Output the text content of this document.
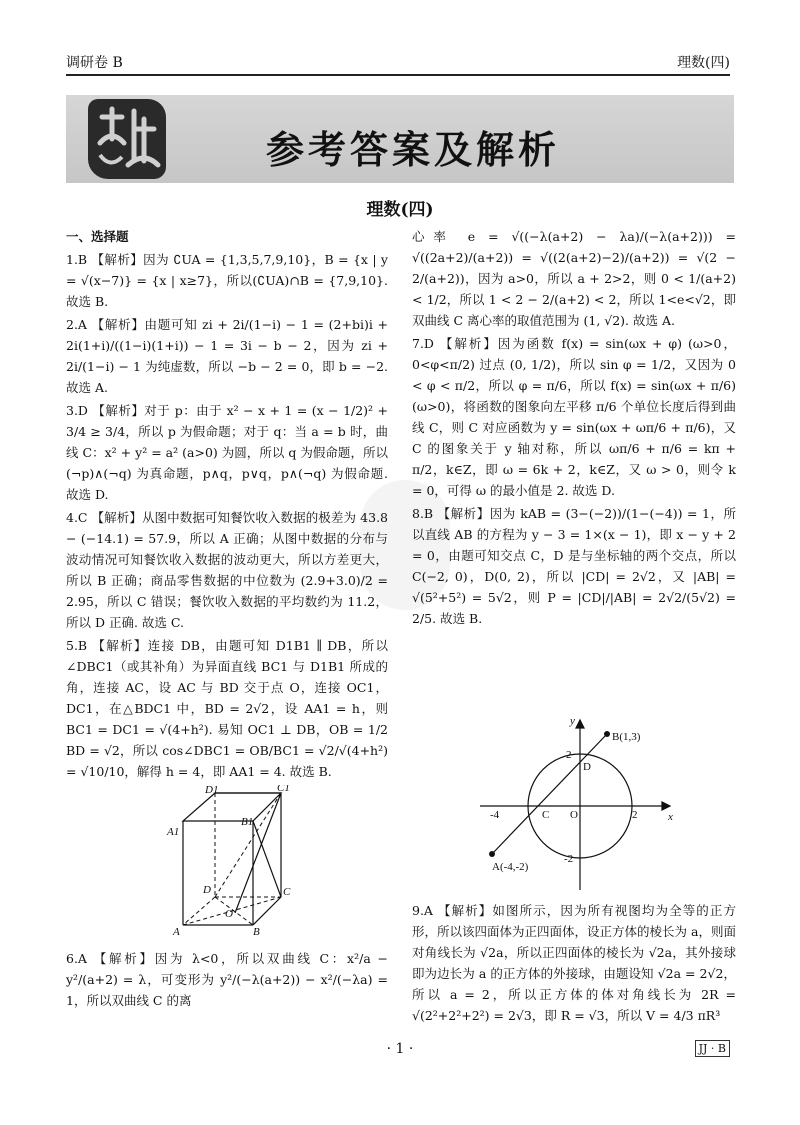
调研卷 B	理数(四)
参考答案及解析
理数(四)

一、选择题

1.B 【解析】因为 ∁UA = {1,3,5,7,9,10}，B = {x | y = √(x−7)} = {x | x≥7}，所以(∁UA)∩B = {7,9,10}. 故选 B.

2.A 【解析】由题可知 zi + 2i/(1−i) − 1 = (2+bi)i + 2i(1+i)/((1−i)(1+i)) − 1 = 3i − b − 2，因为 zi + 2i/(1−i) − 1 为纯虚数，所以 −b − 2 = 0，即 b = −2. 故选 A.

3.D 【解析】对于 p：由于 x² − x + 1 = (x − 1/2)² + 3/4 ≥ 3/4，所以 p 为假命题；对于 q：当 a = b 时，曲线 C：x² + y² = a² (a>0) 为圆，所以 q 为假命题，所以 (¬p)∧(¬q) 为真命题，p∧q，p∨q，p∧(¬q) 为假命题. 故选 D.

4.C 【解析】从图中数据可知餐饮收入数据的极差为 43.8 − (−14.1) = 57.9，所以 A 正确；从图中数据的分布与波动情况可知餐饮收入数据的波动更大，所以方差更大，所以 B 正确；商品零售数据的中位数为 (2.9+3.0)/2 = 2.95，所以 C 错误；餐饮收入数据的平均数约为 11.2，所以 D 正确. 故选 C.

5.B 【解析】连接 DB，由题可知 D1B1 ∥ DB，所以 ∠DBC1（或其补角）为异面直线 BC1 与 D1B1 所成的角，连接 AC，设 AC 与 BD 交于点 O，连接 OC1，DC1，在△BDC1 中，BD = 2√2，设 AA1 = h，则 BC1 = DC1 = √(4+h²). 易知 OC1 ⊥ DB，OB = 1/2 BD = √2，所以 cos∠DBC1 = OB/BC1 = √2/√(4+h²) = √10/10，解得 h = 4，即 AA1 = 4. 故选 B.

6.A 【解析】因为 λ<0，所以双曲线 C：x²/a − y²/(a+2) = λ，可变形为 y²/(−λ(a+2)) − x²/(−λa) = 1，所以双曲线 C 的离

心率 e = √((−λ(a+2) − λa)/(−λ(a+2))) = √((2a+2)/(a+2)) = √((2(a+2)−2)/(a+2)) = √(2 − 2/(a+2))，因为 a>0，所以 a + 2>2，则 0 < 1/(a+2) < 1/2，所以 1 < 2 − 2/(a+2) < 2，所以 1<e<√2，即双曲线 C 离心率的取值范围为 (1, √2). 故选 A.

7.D 【解析】因为函数 f(x) = sin(ωx + φ) (ω>0，0<φ<π/2) 过点 (0, 1/2)，所以 sin φ = 1/2，又因为 0 < φ < π/2，所以 φ = π/6，所以 f(x) = sin(ωx + π/6) (ω>0)，将函数的图象向左平移 π/6 个单位长度后得到曲线 C，则 C 对应函数为 y = sin(ωx + ωπ/6 + π/6)，又 C 的图象关于 y 轴对称，所以 ωπ/6 + π/6 = kπ + π/2，k∈Z，即 ω = 6k + 2，k∈Z，又 ω > 0，则令 k = 0，可得 ω 的最小值是 2. 故选 D.

8.B 【解析】因为 kAB = (3−(−2))/(1−(−4)) = 1，所以直线 AB 的方程为 y − 3 = 1×(x − 1)，即 x − y + 2 = 0，由题可知交点 C，D 是与坐标轴的两个交点，所以 C(−2, 0)，D(0, 2)，所以 |CD| = 2√2，又 |AB| = √(5²+5²) = 5√2，则 P = |CD|/|AB| = 2√2/(5√2) = 2/5. 故选 B.

9.A 【解析】如图所示，因为所有视图均为全等的正方形，所以该四面体为正四面体，设正方体的棱长为 a，则面对角线长为 √2a，所以正四面体的棱长为 √2a，其外接球即为边长为 a 的正方体的外接球，由题设知 √2a = 2√2，所以 a = 2，所以正方体的体对角线长为 2R = √(2²+2²+2²) = 2√3，即 R = √3，所以 V = 4/3 πR³

D1	C1
A1
B1
D	C
O
A	B
y
x
B(1,3)
A(-4,-2)
D
C O	2
-4
2
-2
· 1 ·	JJ · B
